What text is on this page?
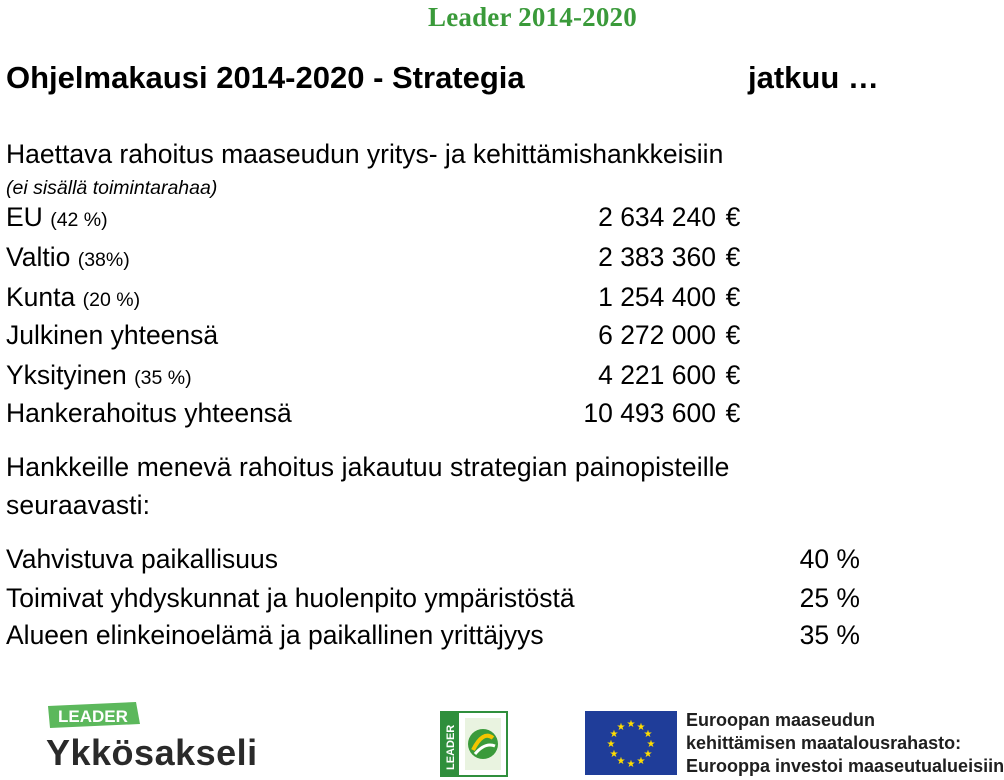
Leader 2014-2020
Ohjelmakausi 2014-2020 - Strategia	jatkuu …
Haettava rahoitus maaseudun yritys- ja kehittämishankkeisiin
(ei sisällä toimintarahaa)
EU (42 %)	2 634 240 €
Valtio (38%)	2 383 360 €
Kunta (20 %)	1 254 400 €
Julkinen yhteensä	6 272 000 €
Yksityinen (35 %)	4 221 600 €
Hankerahoitus yhteensä	10 493 600 €
Hankkeille menevä rahoitus jakautuu strategian painopisteille
seuraavasti:
Vahvistuva paikallisuus	40 %
Toimivat yhdyskunnat ja huolenpito ympäristöstä	25 %
Alueen elinkeinoelämä ja paikallinen yrittäjyys	35 %
LEADER
Ykkösakseli	LEADER
★ ★
★
★
★
★
★
★
★
★
★
★	Euroopan maaseudun
kehittämisen maatalousrahasto:
Eurooppa investoi maaseutualueisiin
